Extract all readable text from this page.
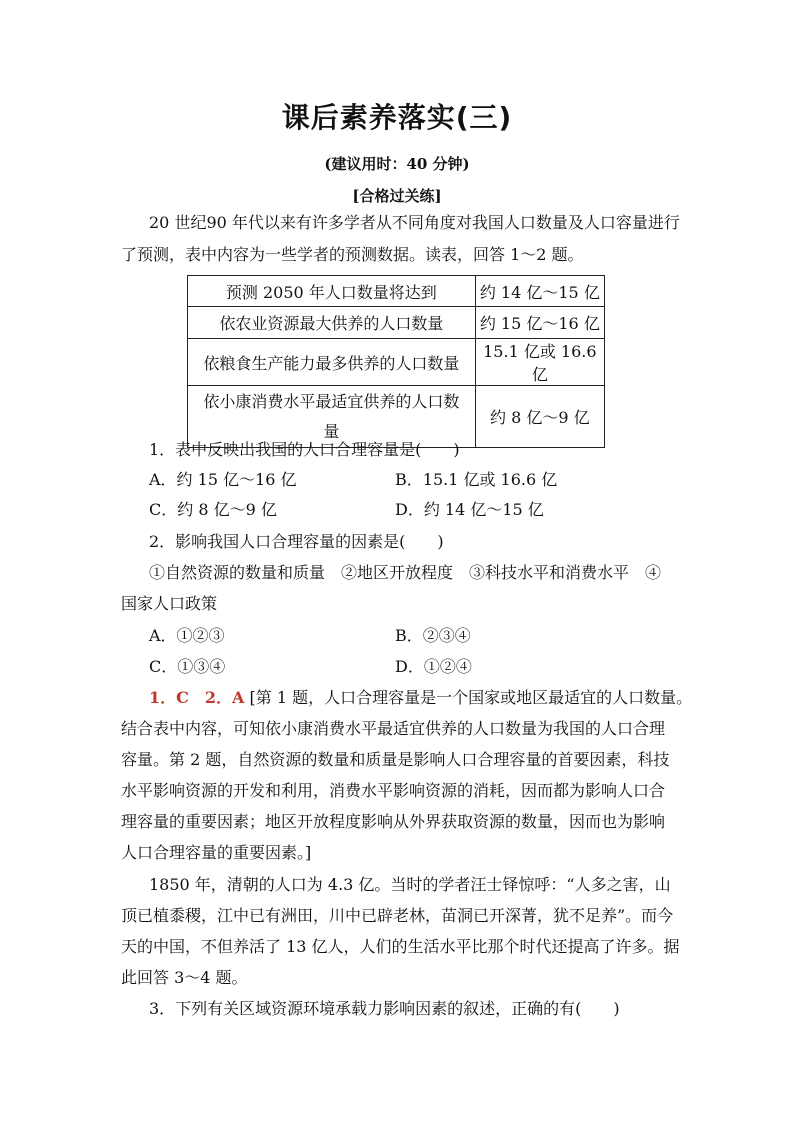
课后素养落实(三)
(建议用时：40 分钟)
[合格过关练]
20 世纪90 年代以来有许多学者从不同角度对我国人口数量及人口容量进行
了预测，表中内容为一些学者的预测数据。读表，回答 1～2 题。
预测 2050 年人口数量将达到	约 14 亿～15 亿
依农业资源最大供养的人口数量	约 15 亿～16 亿
依粮食生产能力最多供养的人口数量	15.1 亿或 16.6 亿
依小康消费水平最适宜供养的人口数
量	约 8 亿～9 亿
1．表中反映出我国的人口合理容量是(　　)
A．约 15 亿～16 亿	B．15.1 亿或 16.6 亿
C．约 8 亿～9 亿	D．约 14 亿～15 亿
2．影响我国人口合理容量的因素是(　　)
①自然资源的数量和质量　②地区开放程度　③科技水平和消费水平　④
国家人口政策
A．①②③	B．②③④
C．①③④	D．①②④
1．C　2．A [第 1 题，人口合理容量是一个国家或地区最适宜的人口数量。
结合表中内容，可知依小康消费水平最适宜供养的人口数量为我国的人口合理
容量。第 2 题，自然资源的数量和质量是影响人口合理容量的首要因素，科技
水平影响资源的开发和利用，消费水平影响资源的消耗，因而都为影响人口合
理容量的重要因素；地区开放程度影响从外界获取资源的数量，因而也为影响
人口合理容量的重要因素。]
1850 年，清朝的人口为 4.3 亿。当时的学者汪士铎惊呼：“人多之害，山
顶已植黍稷，江中已有洲田，川中已辟老林，苗洞已开深菁，犹不足养”。而今
天的中国，不但养活了 13 亿人，人们的生活水平比那个时代还提高了许多。据
此回答 3～4 题。
3．下列有关区域资源环境承载力影响因素的叙述，正确的有(　　)
